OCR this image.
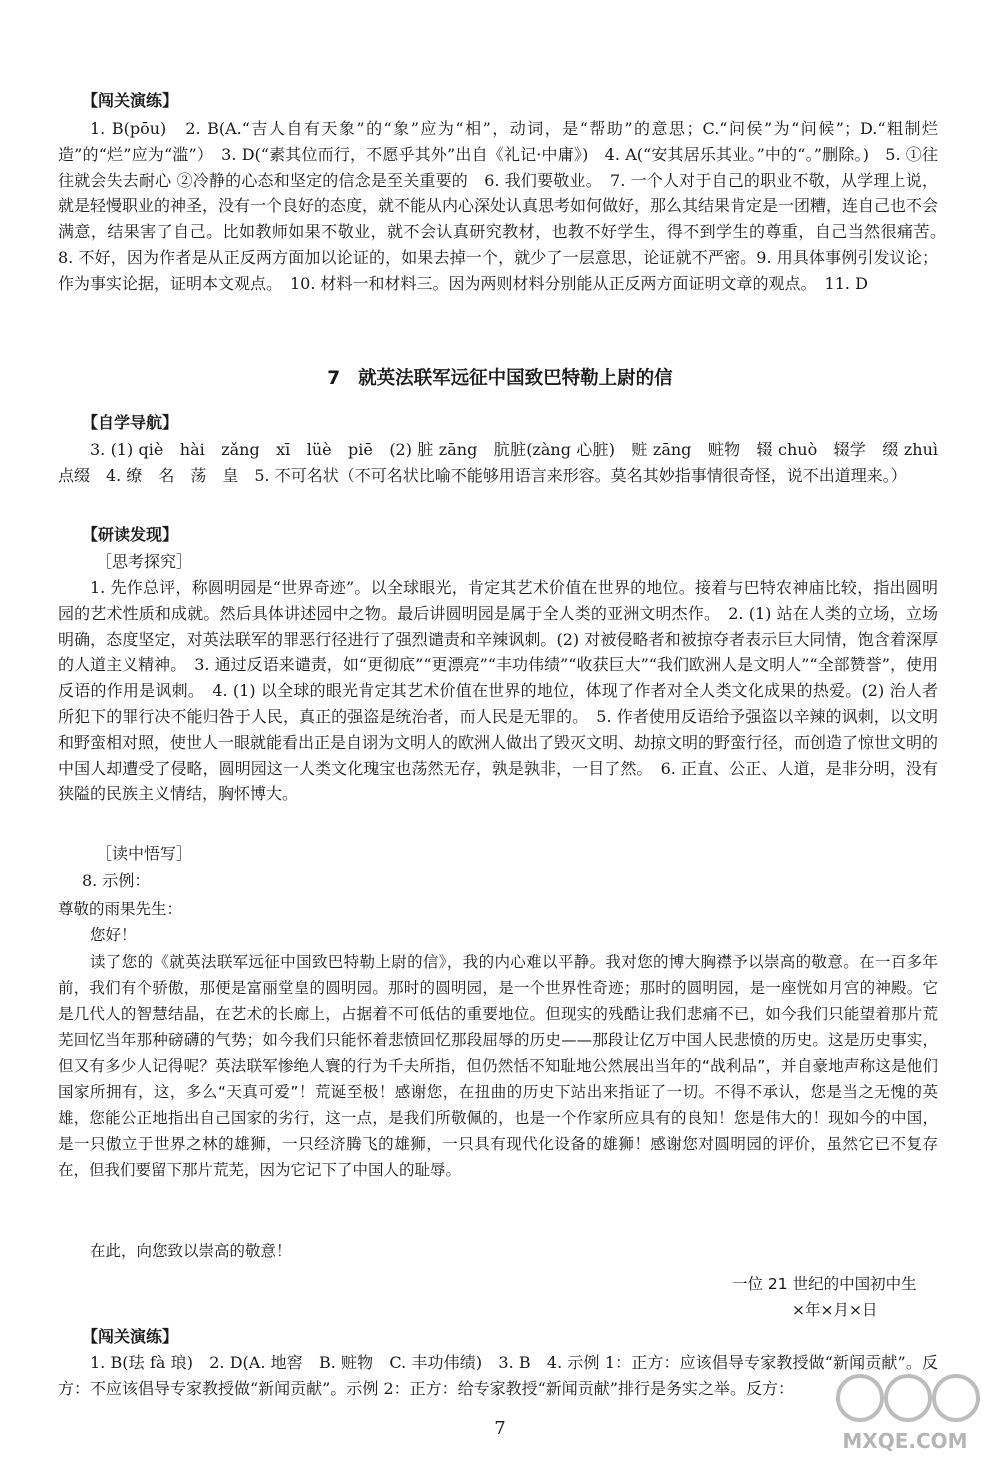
【闯关演练】

1. B(pōu)　2. B(A.“吉人自有天象”的“象”应为“相”，动词，是“帮助”的意思；C.“问侯”为“问候”；D.“粗制烂造”的“烂”应为“滥”）　3. D(“素其位而行，不愿乎其外”出自《礼记·中庸》)　4. A(“安其居乐其业。”中的“。”删除。)　5. ①往往就会失去耐心 ②冷静的心态和坚定的信念是至关重要的　6. 我们要敬业。　7. 一个人对于自己的职业不敬，从学理上说，就是轻慢职业的神圣，没有一个良好的态度，就不能从内心深处认真思考如何做好，那么其结果肯定是一团糟，连自己也不会满意，结果害了自己。比如教师如果不敬业，就不会认真研究教材，也教不好学生，得不到学生的尊重，自己当然很痛苦。　8. 不好，因为作者是从正反两方面加以论证的，如果去掉一个，就少了一层意思，论证就不严密。9. 用具体事例引发议论；作为事实论据，证明本文观点。　10. 材料一和材料三。因为两则材料分别能从正反两方面证明文章的观点。　11. D

7 就英法联军远征中国致巴特勒上尉的信
【自学导航】

3. (1) qiè　hài　zǎng　xī　lüè　piē　(2) 脏 zāng　肮脏(zàng 心脏)　赃 zāng　赃物　辍 chuò　辍学　缀 zhuì　点缀　4. 缭　名　荡　皇　5. 不可名状（不可名状比喻不能够用语言来形容。莫名其妙指事情很奇怪，说不出道理来。）

【研读发现】
［思考探究］

1. 先作总评，称圆明园是“世界奇迹”。以全球眼光，肯定其艺术价值在世界的地位。接着与巴特农神庙比较，指出圆明园的艺术性质和成就。然后具体讲述园中之物。最后讲圆明园是属于全人类的亚洲文明杰作。　2. (1) 站在人类的立场，立场明确，态度坚定，对英法联军的罪恶行径进行了强烈谴责和辛辣讽刺。(2) 对被侵略者和被掠夺者表示巨大同情，饱含着深厚的人道主义精神。　3. 通过反语来谴责，如“更彻底”“更漂亮”“丰功伟绩”“收获巨大”“我们欧洲人是文明人”“全部赞誉”，使用反语的作用是讽刺。　4. (1) 以全球的眼光肯定其艺术价值在世界的地位，体现了作者对全人类文化成果的热爱。(2) 治人者所犯下的罪行决不能归咎于人民，真正的强盗是统治者，而人民是无罪的。　5. 作者使用反语给予强盗以辛辣的讽刺，以文明和野蛮相对照，使世人一眼就能看出正是自诩为文明人的欧洲人做出了毁灭文明、劫掠文明的野蛮行径，而创造了惊世文明的中国人却遭受了侵略，圆明园这一人类文化瑰宝也荡然无存，孰是孰非，一目了然。　6. 正直、公正、人道，是非分明，没有狭隘的民族主义情结，胸怀博大。

［读中悟写］
8. 示例：
尊敬的雨果先生：
您好！

读了您的《就英法联军远征中国致巴特勒上尉的信》，我的内心难以平静。我对您的博大胸襟予以崇高的敬意。在一百多年前，我们有个骄傲，那便是富丽堂皇的圆明园。那时的圆明园，是一个世界性奇迹；那时的圆明园，是一座恍如月宫的神殿。它是几代人的智慧结晶，在艺术的长廊上，占据着不可低估的重要地位。但现实的残酷让我们悲痛不已，如今我们只能望着那片荒芜回忆当年那种磅礴的气势；如今我们只能怀着悲愤回忆那段屈辱的历史——那段让亿万中国人民悲愤的历史。这是历史事实，但又有多少人记得呢？英法联军惨绝人寰的行为千夫所指，但仍然恬不知耻地公然展出当年的“战利品”，并自豪地声称这是他们国家所拥有，这，多么“天真可爱”！荒诞至极！感谢您，在扭曲的历史下站出来指证了一切。不得不承认，您是当之无愧的英雄，您能公正地指出自己国家的劣行，这一点，是我们所敬佩的，也是一个作家所应具有的良知！您是伟大的！现如今的中国，是一只傲立于世界之林的雄狮，一只经济腾飞的雄狮，一只具有现代化设备的雄狮！感谢您对圆明园的评价，虽然它已不复存在，但我们要留下那片荒芜，因为它记下了中国人的耻辱。

在此，向您致以崇高的敬意！
一位 21 世纪的中国初中生
×年×月×日
【闯关演练】

1. B(珐 fà 琅)　2. D(A. 地窖　B. 赃物　C. 丰功伟绩)　3. B　4. 示例 1：正方：应该倡导专家教授做“新闻贡献”。反方：不应该倡导专家教授做“新闻贡献”。示例 2：正方：给专家教授“新闻贡献”排行是务实之举。反方：

7
MXQE.COM
